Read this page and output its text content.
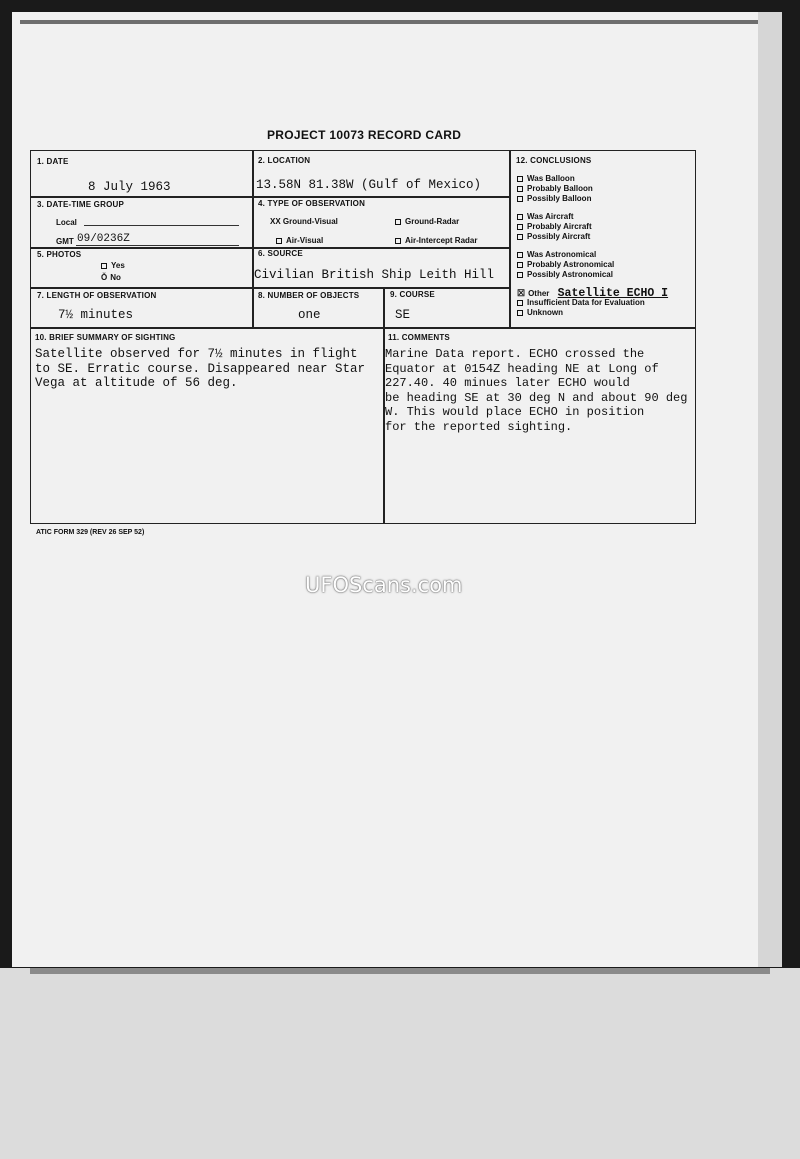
PROJECT 10073 RECORD CARD
1. DATE
8 July 1963
2. LOCATION
13.58N 81.38W (Gulf of Mexico)
3. DATE-TIME GROUP
Local
GMT 09/0236Z
4. TYPE OF OBSERVATION
XX Ground-Visual	Ground-Radar
Air-Visual	Air-Intercept Radar
5. PHOTOS
Yes
Ŏ No
6. SOURCE
Civilian British Ship Leith Hill
7. LENGTH OF OBSERVATION
7½ minutes
8. NUMBER OF OBJECTS
one
9. COURSE
SE
10. BRIEF SUMMARY OF SIGHTING
Satellite observed for 7½ minutes in flight
to SE. Erratic course. Disappeared near Star
Vega at altitude of 56 deg.
11. COMMENTS
Marine Data report. ECHO crossed the
Equator at 0154Z heading NE at Long of
227.40. 40 minues later ECHO would
be heading SE at 30 deg N and about 90 deg
W. This would place ECHO in position
for the reported sighting.
12. CONCLUSIONS
Was Balloon
Probably Balloon
Possibly Balloon
Was Aircraft
Probably Aircraft
Possibly Aircraft
Was Astronomical
Probably Astronomical
Possibly Astronomical
☒ Other Satellite ECHO I
Insufficient Data for Evaluation
Unknown
ATIC FORM 329 (REV 26 SEP 52)
UFOScans.com
